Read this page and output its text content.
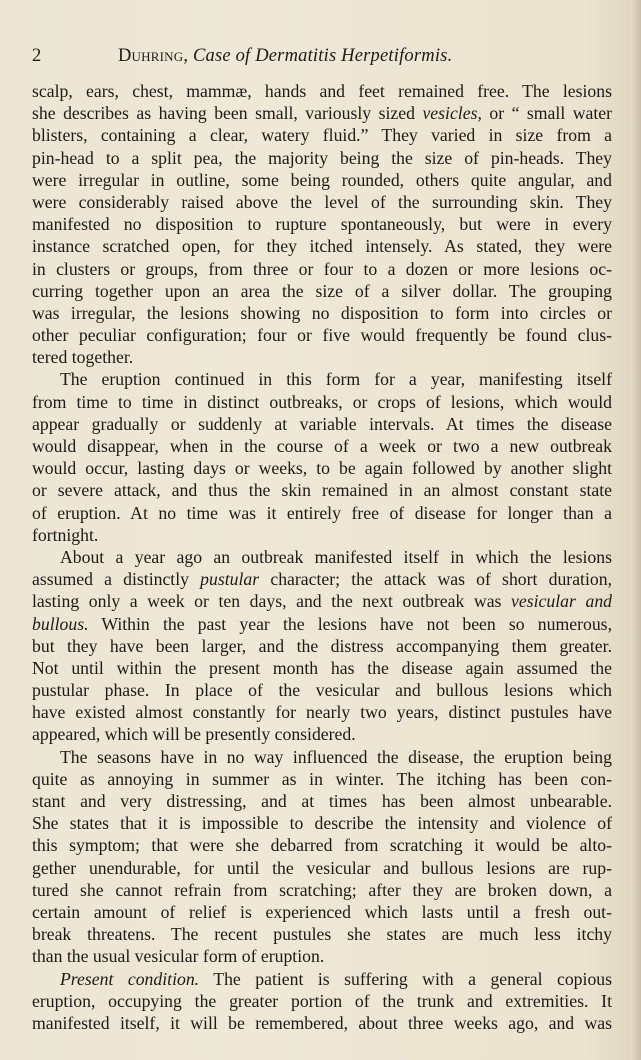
2	Duhring, Case of Dermatitis Herpetiformis.
scalp, ears, chest, mammæ, hands and feet remained free. The lesions
she describes as having been small, variously sized vesicles, or “ small water
blisters, containing a clear, watery fluid.” They varied in size from a
pin-head to a split pea, the majority being the size of pin-heads. They
were irregular in outline, some being rounded, others quite angular, and
were considerably raised above the level of the surrounding skin. They
manifested no disposition to rupture spontaneously, but were in every
instance scratched open, for they itched intensely. As stated, they were
in clusters or groups, from three or four to a dozen or more lesions oc-
curring together upon an area the size of a silver dollar. The grouping
was irregular, the lesions showing no disposition to form into circles or
other peculiar configuration; four or five would frequently be found clus-
tered together.
The eruption continued in this form for a year, manifesting itself
from time to time in distinct outbreaks, or crops of lesions, which would
appear gradually or suddenly at variable intervals. At times the disease
would disappear, when in the course of a week or two a new outbreak
would occur, lasting days or weeks, to be again followed by another slight
or severe attack, and thus the skin remained in an almost constant state
of eruption. At no time was it entirely free of disease for longer than a
fortnight.
About a year ago an outbreak manifested itself in which the lesions
assumed a distinctly pustular character; the attack was of short duration,
lasting only a week or ten days, and the next outbreak was vesicular and
bullous. Within the past year the lesions have not been so numerous,
but they have been larger, and the distress accompanying them greater.
Not until within the present month has the disease again assumed the
pustular phase. In place of the vesicular and bullous lesions which
have existed almost constantly for nearly two years, distinct pustules have
appeared, which will be presently considered.
The seasons have in no way influenced the disease, the eruption being
quite as annoying in summer as in winter. The itching has been con-
stant and very distressing, and at times has been almost unbearable.
She states that it is impossible to describe the intensity and violence of
this symptom; that were she debarred from scratching it would be alto-
gether unendurable, for until the vesicular and bullous lesions are rup-
tured she cannot refrain from scratching; after they are broken down, a
certain amount of relief is experienced which lasts until a fresh out-
break threatens. The recent pustules she states are much less itchy
than the usual vesicular form of eruption.
Present condition. The patient is suffering with a general copious
eruption, occupying the greater portion of the trunk and extremities. It
manifested itself, it will be remembered, about three weeks ago, and was
